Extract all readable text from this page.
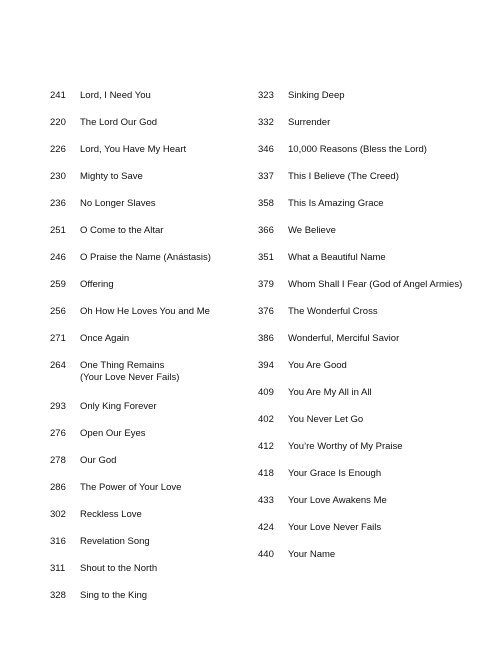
241	Lord, I Need You
220	The Lord Our God
226	Lord, You Have My Heart
230	Mighty to Save
236	No Longer Slaves
251	O Come to the Altar
246	O Praise the Name (Anástasis)
259	Offering
256	Oh How He Loves You and Me
271	Once Again
264	One Thing Remains
(Your Love Never Fails)
293	Only King Forever
276	Open Our Eyes
278	Our God
286	The Power of Your Love
302	Reckless Love
316	Revelation Song
311	Shout to the North
328	Sing to the King
323	Sinking Deep
332	Surrender
346	10,000 Reasons (Bless the Lord)
337	This I Believe (The Creed)
358	This Is Amazing Grace
366	We Believe
351	What a Beautiful Name
379	Whom Shall I Fear (God of Angel Armies)
376	The Wonderful Cross
386	Wonderful, Merciful Savior
394	You Are Good
409	You Are My All in All
402	You Never Let Go
412	You’re Worthy of My Praise
418	Your Grace Is Enough
433	Your Love Awakens Me
424	Your Love Never Fails
440	Your Name
